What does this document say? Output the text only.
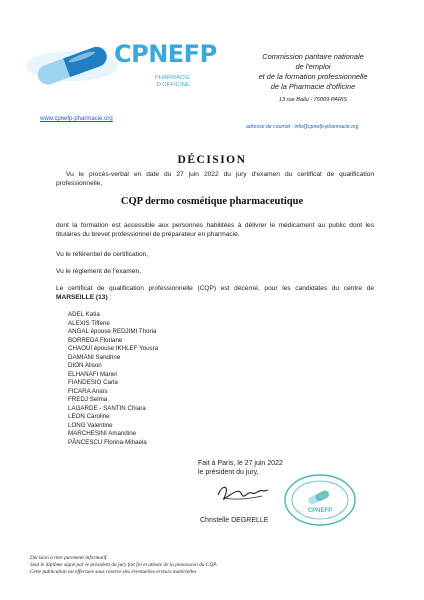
CPNEFP
PHARMACIE
D'OFFICINE
Commission paritaire nationale
de l'emploi
et de la formation professionnelle
de la Pharmacie d'officine
13 rue Ballu - 75009 PARIS
www.cpnefp-pharmacie.org
adresse de courriel : info@cpnefp-pharmacie.org
DÉCISION
Vu le procès-verbal en date du 27 juin 2022 du jury d'examen du certificat de qualification professionnelle,
CQP dermo cosmétique pharmaceutique
dont la formation est accessible aux personnes habilitées à délivrer le médicament au public dont les titulaires du brevet professionnel de préparateur en pharmacie,
Vu le référentiel de certification,
Vu le règlement de l'examen,
Le certificat de qualification professionnelle (CQP) est décerné, pour les candidates du centre de MARSEILLE (13) :
ADEL Katia
ALEXIS Tiffene
ANGAL épouse REDJIMI Thoria
BORREDA Floriane
CHAOUI épouse IKHLEF Yousra
DAMIANI Sandrine
DION Alison
ELHANAFI Manel
FIANDESIO Carla
FICARA Anaïs
FREDJ Selma
LAGARDE - SANTIN Chiara
LEON Caroline
LONG Valentine
MARCHESINI Amandine
PÂNCESCU Florina-Mihaela
Fait à Paris, le 27 juin 2022
le président du jury,
Christelle DEGRELLE
CPNEFP
Décision à titre purement informatif.
Seul le diplôme signé par le président du jury fait foi et atteste de la possession du CQP.
Cette publication est effectuée sous réserve des éventuelles erreurs matérielles
